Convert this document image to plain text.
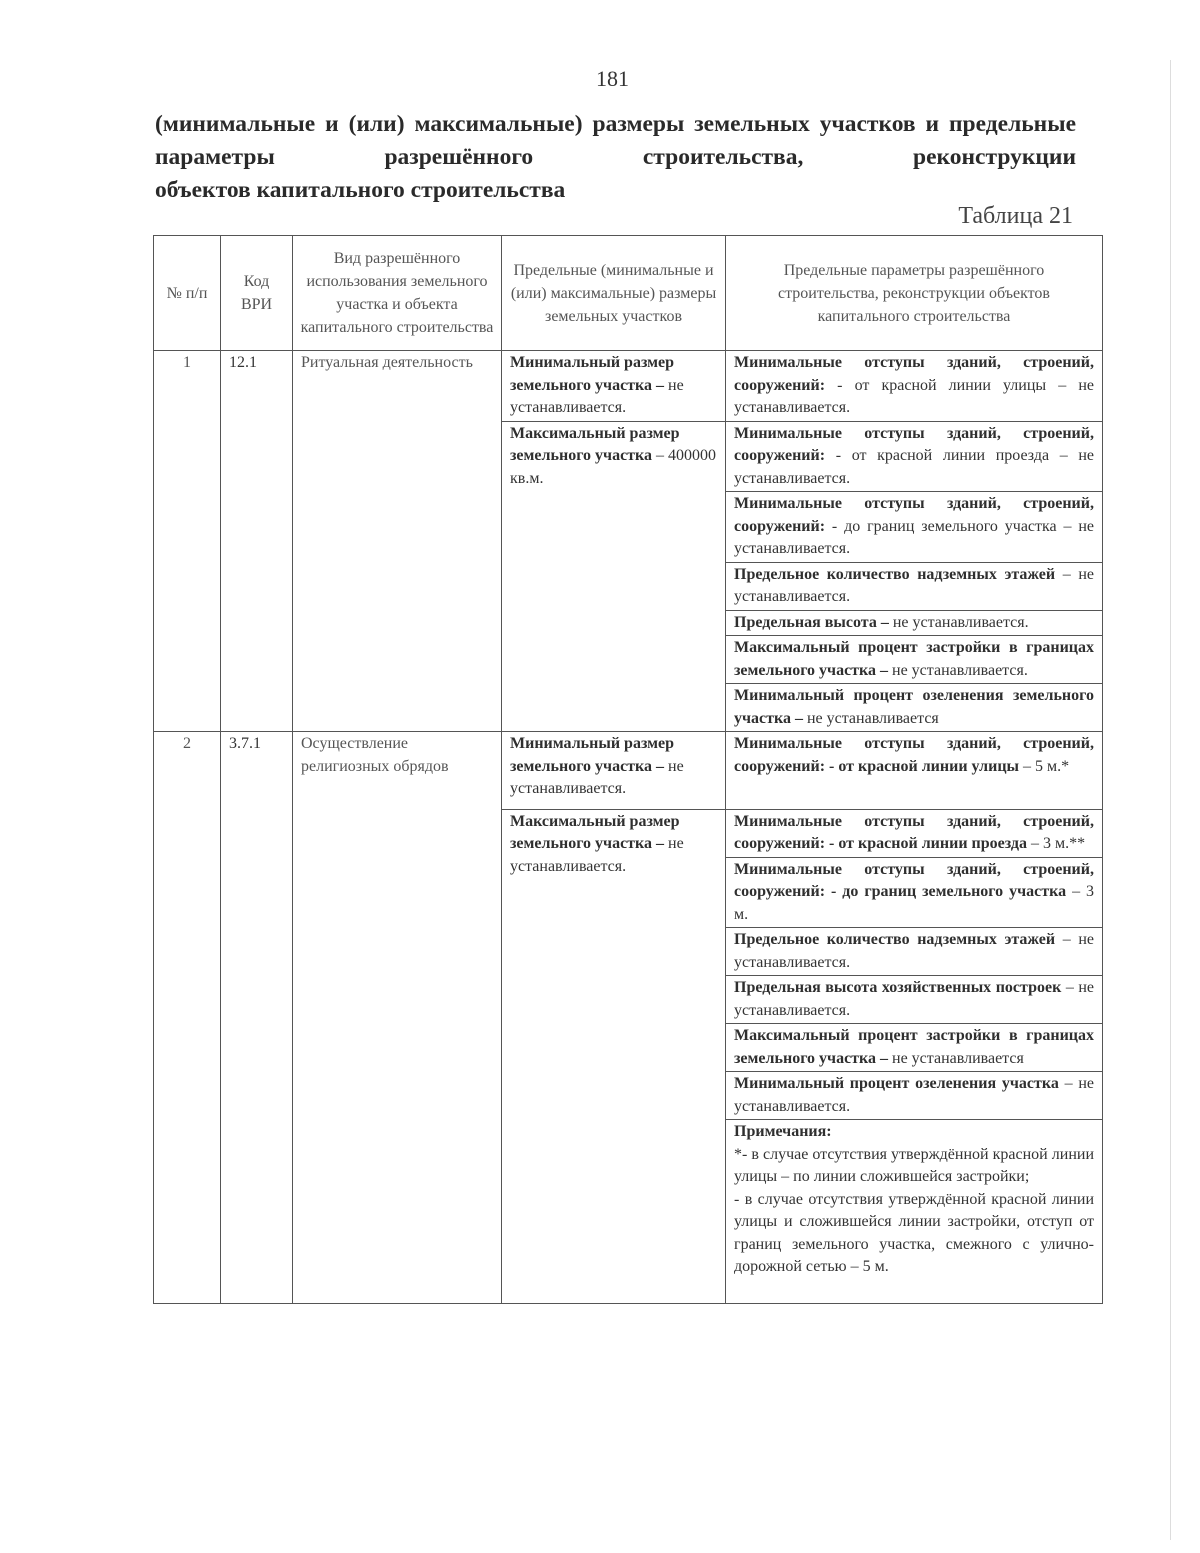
181
(минимальные и (или) максимальные) размеры земельных участков и предельные параметры разрешённого строительства, реконструкции
объектов капитального строительства
Таблица 21
№ п/п	Код ВРИ	Вид разрешённого использования земельного участка и объекта капитального строительства	Предельные (минимальные и (или) максимальные) размеры земельных участков	Предельные параметры разрешённого строительства, реконструкции объектов капитального строительства
1	12.1	Ритуальная деятельность	Минимальный размер земельного участка – не устанавливается.	Минимальные отступы зданий, строений, сооружений: - от красной линии улицы – не устанавливается.
			Максимальный размер земельного участка – 400000 кв.м.	Минимальные отступы зданий, строений, сооружений: - от красной линии проезда – не устанавливается.
				Минимальные отступы зданий, строений, сооружений: - до границ земельного участка – не устанавливается.
				Предельное количество надземных этажей – не устанавливается.
				Предельная высота – не устанавливается.
				Максимальный процент застройки в границах земельного участка – не устанавливается.
				Минимальный процент озеленения земельного участка – не устанавливается
2	3.7.1	Осуществление религиозных обрядов	Минимальный размер земельного участка – не устанавливается.	Минимальные отступы зданий, строений, сооружений: - от красной линии улицы – 5 м.*
			Максимальный размер земельного участка – не устанавливается.	Минимальные отступы зданий, строений, сооружений: - от красной линии проезда – 3 м.**
				Минимальные отступы зданий, строений, сооружений: - до границ земельного участка – 3 м.
				Предельное количество надземных этажей – не устанавливается.
				Предельная высота хозяйственных построек – не устанавливается.
				Максимальный процент застройки в границах земельного участка – не устанавливается
				Минимальный процент озеленения участка – не устанавливается.

				Примечания:
*- в случае отсутствия утверждённой красной линии улицы – по линии сложившейся застройки;
- в случае отсутствия утверждённой красной линии улицы и сложившейся линии застройки, отступ от границ земельного участка, смежного с улично-дорожной сетью – 5 м.
